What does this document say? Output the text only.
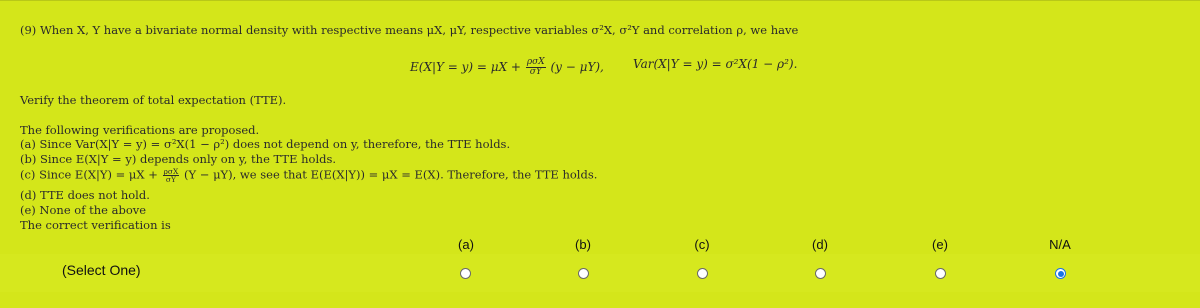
(9) When X, Y have a bivariate normal density with respective means μX, μY, respective variables σ²X, σ²Y and correlation ρ, we have
$E(X|Y = y) = \mu X + \frac{\text{ρσX}}{\sigma Y} (y - \mu Y)$, Var(X|Y = y) = σ²X(1 − ρ²).
Verify the theorem of total expectation (TTE).
The following verifications are proposed.
(a) Since Var(X|Y = y) = σ²X(1 − ρ²) does not depend on y, therefore, the TTE holds.
(b) Since E(X|Y = y) depends only on y, the TTE holds.
(c) Since $E(X|Y) = \mu X + \frac{\text{ρσX}}{\sigma Y} (Y - \mu Y)$, we see that E(E(X|Y)) = μX = E(X). Therefore, the TTE holds.
(d) TTE does not hold.
(e) None of the above
The correct verification is
(a)	(b)	(c)	(d)	(e)	N/A
(Select One)
